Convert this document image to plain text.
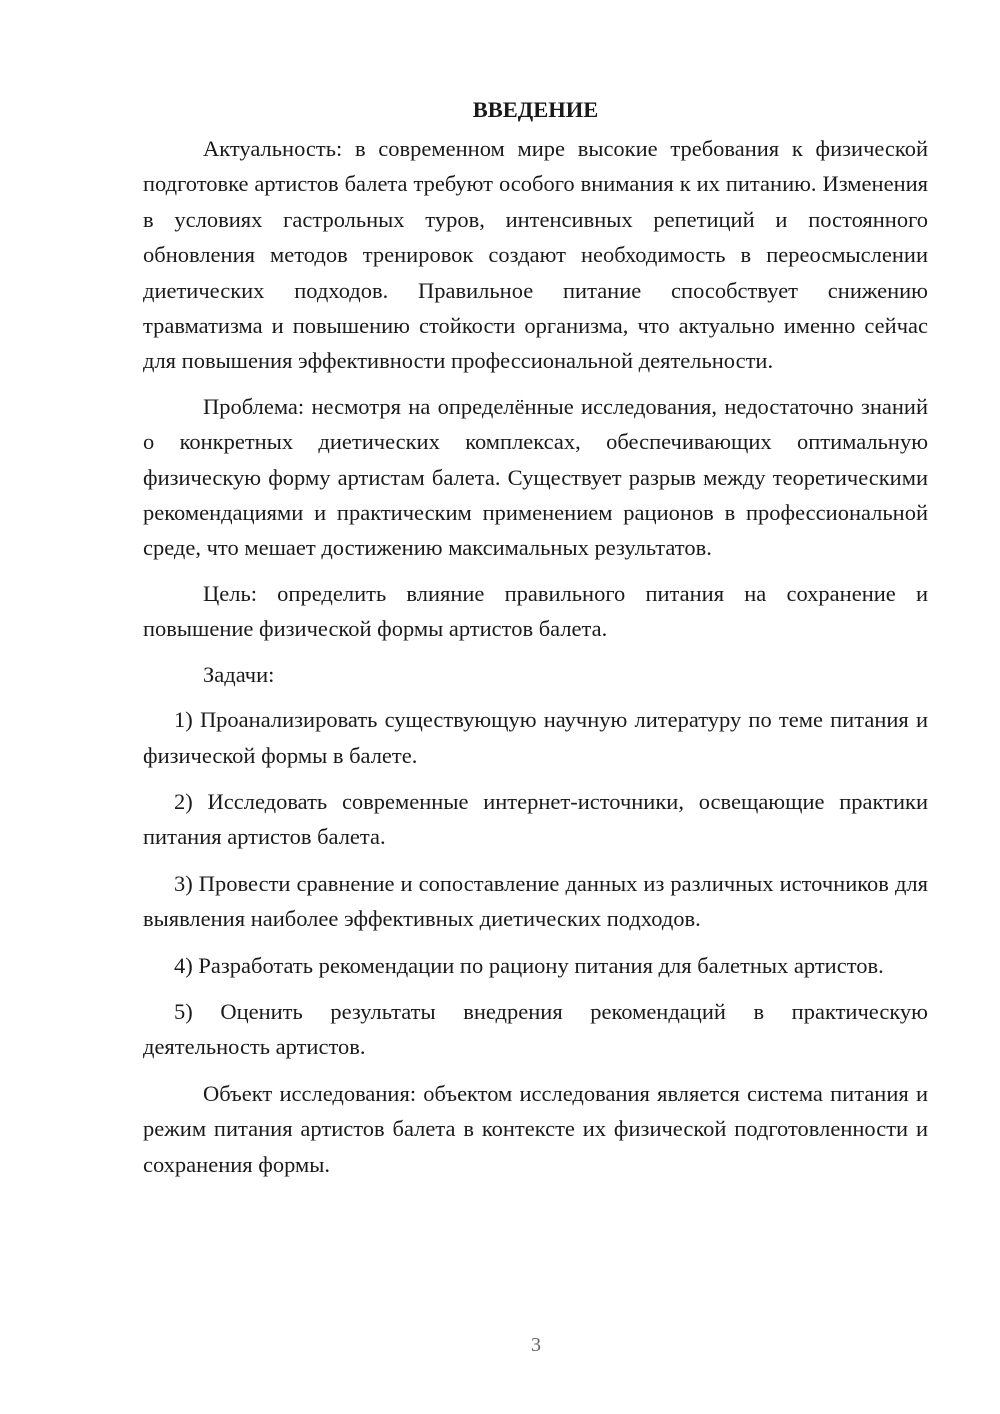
ВВЕДЕНИЕ

Актуальность: в современном мире высокие требования к физической подготовке артистов балета требуют особого внимания к их питанию. Изменения в условиях гастрольных туров, интенсивных репетиций и постоянного обновления методов тренировок создают необходимость в переосмыслении диетических подходов. Правильное питание способствует снижению травматизма и повышению стойкости организма, что актуально именно сейчас для повышения эффективности профессиональной деятельности.

Проблема: несмотря на определённые исследования, недостаточно знаний о конкретных диетических комплексах, обеспечивающих оптимальную физическую форму артистам балета. Существует разрыв между теоретическими рекомендациями и практическим применением рационов в профессиональной среде, что мешает достижению максимальных результатов.

Цель: определить влияние правильного питания на сохранение и повышение физической формы артистов балета.

Задачи:

1) Проанализировать существующую научную литературу по теме питания и физической формы в балете.

2) Исследовать современные интернет-источники, освещающие практики питания артистов балета.

3) Провести сравнение и сопоставление данных из различных источников для выявления наиболее эффективных диетических подходов.

4) Разработать рекомендации по рациону питания для балетных артистов.

5) Оценить результаты внедрения рекомендаций в практическую деятельность артистов.

Объект исследования: объектом исследования является система питания и режим питания артистов балета в контексте их физической подготовленности и сохранения формы.

3
